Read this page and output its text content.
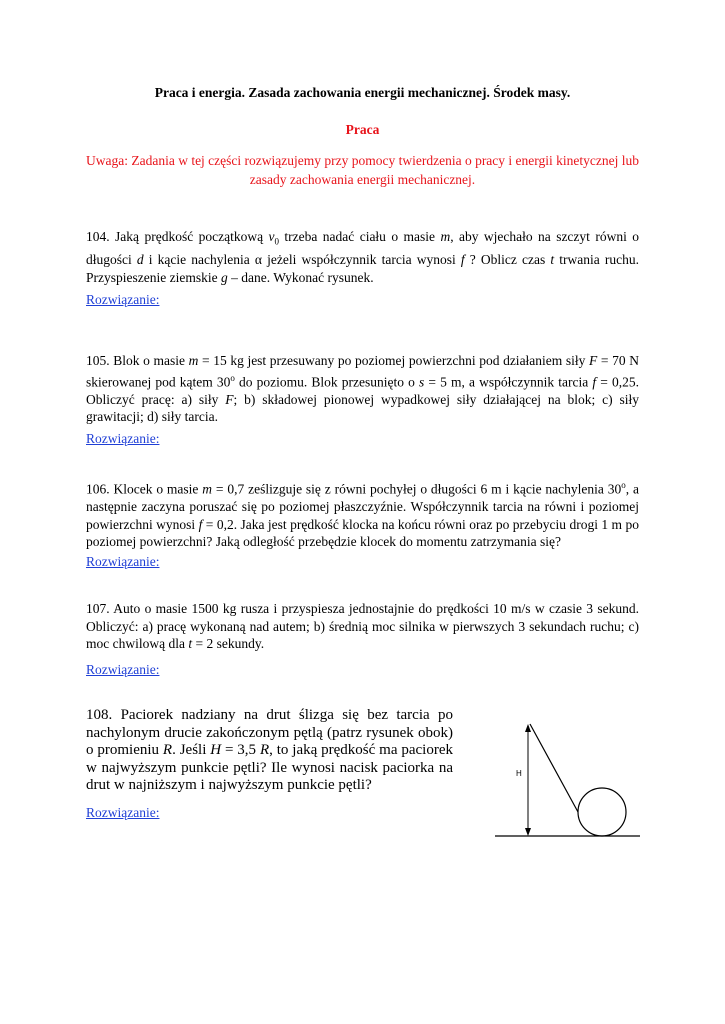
Praca i energia. Zasada zachowania energii mechanicznej. Środek masy.
Praca
Uwaga: Zadania w tej części rozwiązujemy przy pomocy twierdzenia o pracy i energii kinetycznej lub zasady zachowania energii mechanicznej.
104. Jaką prędkość początkową $v_0$ trzeba nadać ciału o masie m, aby wjechało na szczyt równi o długości d i kącie nachylenia α jeżeli współczynnik tarcia wynosi f ? Oblicz czas t trwania ruchu. Przyspieszenie ziemskie g – dane. Wykonać rysunek.
Rozwiązanie:
105. Blok o masie m = 15 kg jest przesuwany po poziomej powierzchni pod działaniem siły F = 70 N skierowanej pod kątem 30$^o$ do poziomu. Blok przesunięto o s = 5 m, a współczynnik tarcia f = 0,25. Obliczyć pracę: a) siły F; b) składowej pionowej wypadkowej siły działającej na blok; c) siły grawitacji; d) siły tarcia.
Rozwiązanie:
106. Klocek o masie m = 0,7 ześlizguje się z równi pochyłej o długości 6 m i kącie nachylenia 30$^o$, a następnie zaczyna poruszać się po poziomej płaszczyźnie. Współczynnik tarcia na równi i poziomej powierzchni wynosi f = 0,2. Jaka jest prędkość klocka na końcu równi oraz po przebyciu drogi 1 m po poziomej powierzchni? Jaką odległość przebędzie klocek do momentu zatrzymania się?
Rozwiązanie:
107. Auto o masie 1500 kg rusza i przyspiesza jednostajnie do prędkości 10 m/s w czasie 3 sekund. Obliczyć: a) pracę wykonaną nad autem; b) średnią moc silnika w pierwszych 3 sekundach ruchu; c) moc chwilową dla t = 2 sekundy.
Rozwiązanie:
108. Paciorek nadziany na drut ślizga się bez tarcia po nachylonym drucie zakończonym pętlą (patrz rysunek obok) o promieniu R. Jeśli H = 3,5 R, to jaką prędkość ma paciorek w najwyższym punkcie pętli? Ile wynosi nacisk paciorka na drut w najniższym i najwyższym punkcie pętli?
Rozwiązanie:
H
